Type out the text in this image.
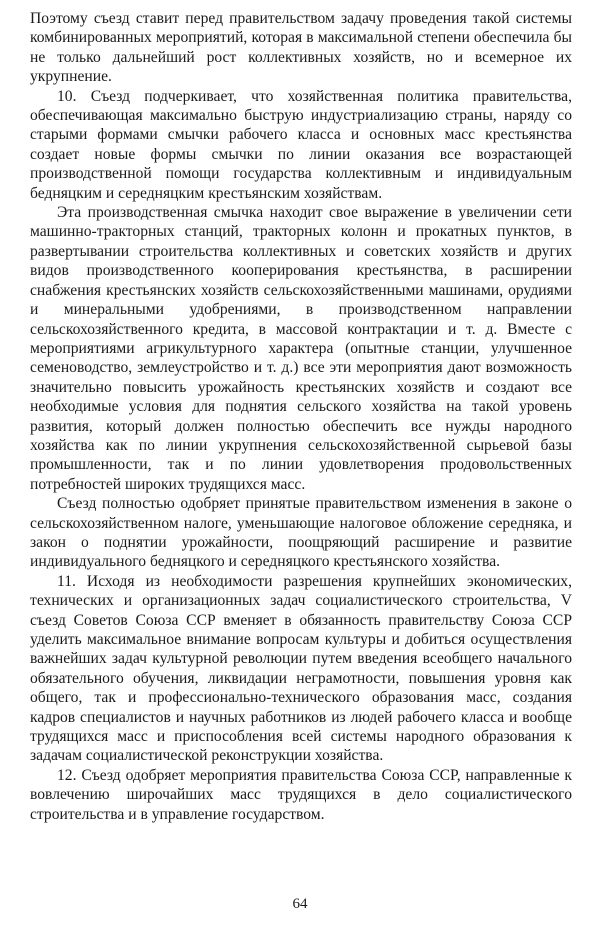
Поэтому съезд ставит перед правительством задачу проведения такой системы комбинированных мероприятий, которая в максимальной степени обеспечила бы не только дальнейший рост коллективных хозяйств, но и всемерное их укрупнение.

10. Съезд подчеркивает, что хозяйственная политика правительства, обеспечивающая максимально быструю индустриализацию страны, наряду со старыми формами смычки рабочего класса и основных масс крестьянства создает новые формы смычки по линии оказания все возрастающей производственной помощи государства коллективным и индивидуальным бедняцким и середняцким крестьянским хозяйствам.

Эта производственная смычка находит свое выражение в увеличении сети машинно-тракторных станций, тракторных колонн и прокатных пунктов, в развертывании строительства коллективных и советских хозяйств и других видов производственного кооперирования крестьянства, в расширении снабжения крестьянских хозяйств сельскохозяйственными машинами, орудиями и минеральными удобрениями, в производственном направлении сельскохозяйственного кредита, в массовой контрактации и т. д. Вместе с мероприятиями агрикультурного характера (опытные станции, улучшенное семеноводство, землеустройство и т. д.) все эти мероприятия дают возможность значительно повысить урожайность крестьянских хозяйств и создают все необходимые условия для поднятия сельского хозяйства на такой уровень развития, который должен полностью обеспечить все нужды народного хозяйства как по линии укрупнения сельскохозяйственной сырьевой базы промышленности, так и по линии удовлетворения продовольственных потребностей широких трудящихся масс.

Съезд полностью одобряет принятые правительством изменения в законе о сельскохозяйственном налоге, уменьшающие налоговое обложение середняка, и закон о поднятии урожайности, поощряющий расширение и развитие индивидуального бедняцкого и середняцкого крестьянского хозяйства.

11. Исходя из необходимости разрешения крупнейших экономических, технических и организационных задач социалистического строительства, V съезд Советов Союза ССР вменяет в обязанность правительству Союза ССР уделить максимальное внимание вопросам культуры и добиться осуществления важнейших задач культурной революции путем введения всеобщего начального обязательного обучения, ликвидации неграмотности, повышения уровня как общего, так и профессионально-технического образования масс, создания кадров специалистов и научных работников из людей рабочего класса и вообще трудящихся масс и приспособления всей системы народного образования к задачам социалистической реконструкции хозяйства.

12. Съезд одобряет мероприятия правительства Союза ССР, направленные к вовлечению широчайших масс трудящихся в дело социалистического строительства и в управление государством.

64
